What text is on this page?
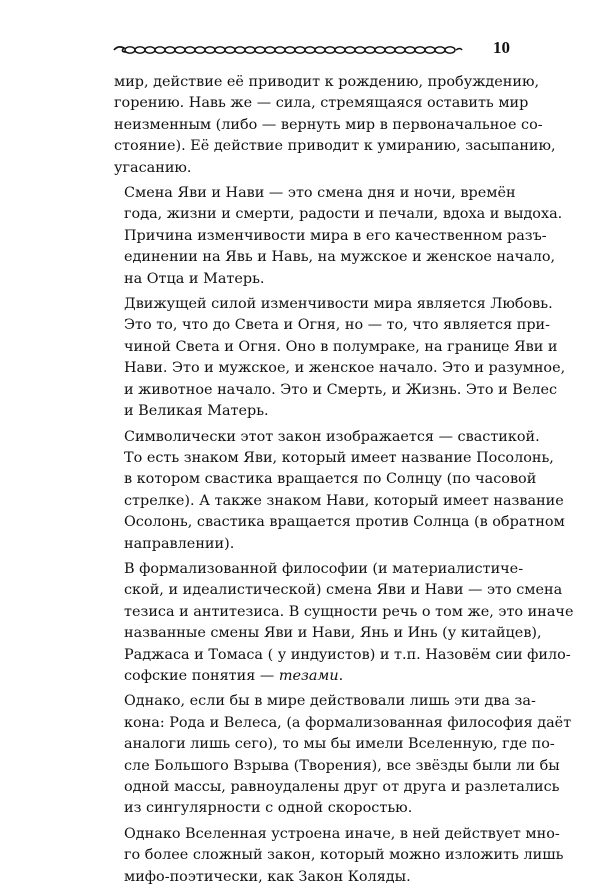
10

мир, действие её приводит к рождению, пробуждению,
горению. Навь же — сила, стремящаяся оставить мир
неизменным (либо — вернуть мир в первоначальное со-
стояние). Её действие приводит к умиранию, засыпанию,
угасанию.

Смена Яви и Нави — это смена дня и ночи, времён
года, жизни и смерти, радости и печали, вдоха и выдоха.
Причина изменчивости мира в его качественном разъ-
единении на Явь и Навь, на мужское и женское начало,
на Отца и Матерь.

Движущей силой изменчивости мира является Любовь.
Это то, что до Света и Огня, но — то, что является при-
чиной Света и Огня. Оно в полумраке, на границе Яви и
Нави. Это и мужское, и женское начало. Это и разумное,
и животное начало. Это и Смерть, и Жизнь. Это и Велес
и Великая Матерь.

Символически этот закон изображается — свастикой.
То есть знаком Яви, который имеет название Посолонь,
в котором свастика вращается по Солнцу (по часовой
стрелке). А также знаком Нави, который имеет название
Осолонь, свастика вращается против Солнца (в обратном
направлении).

В формализованной философии (и материалистиче-
ской, и идеалистической) смена Яви и Нави — это смена
тезиса и антитезиса. В сущности речь о том же, это иначе
названные смены Яви и Нави, Янь и Инь (у китайцев),
Раджаса и Томаса ( у индуистов) и т.п. Назовём сии фило-
софские понятия — тезами.

Однако, если бы в мире действовали лишь эти два за-
кона: Рода и Велеса, (а формализованная философия даёт
аналоги лишь сего), то мы бы имели Вселенную, где по-
сле Большого Взрыва (Творения), все звёзды были ли бы
одной массы, равноудалены друг от друга и разлетались
из сингулярности с одной скоростью.

Однако Вселенная устроена иначе, в ней действует мно-
го более сложный закон, который можно изложить лишь
мифо-поэтически, как Закон Коляды.
